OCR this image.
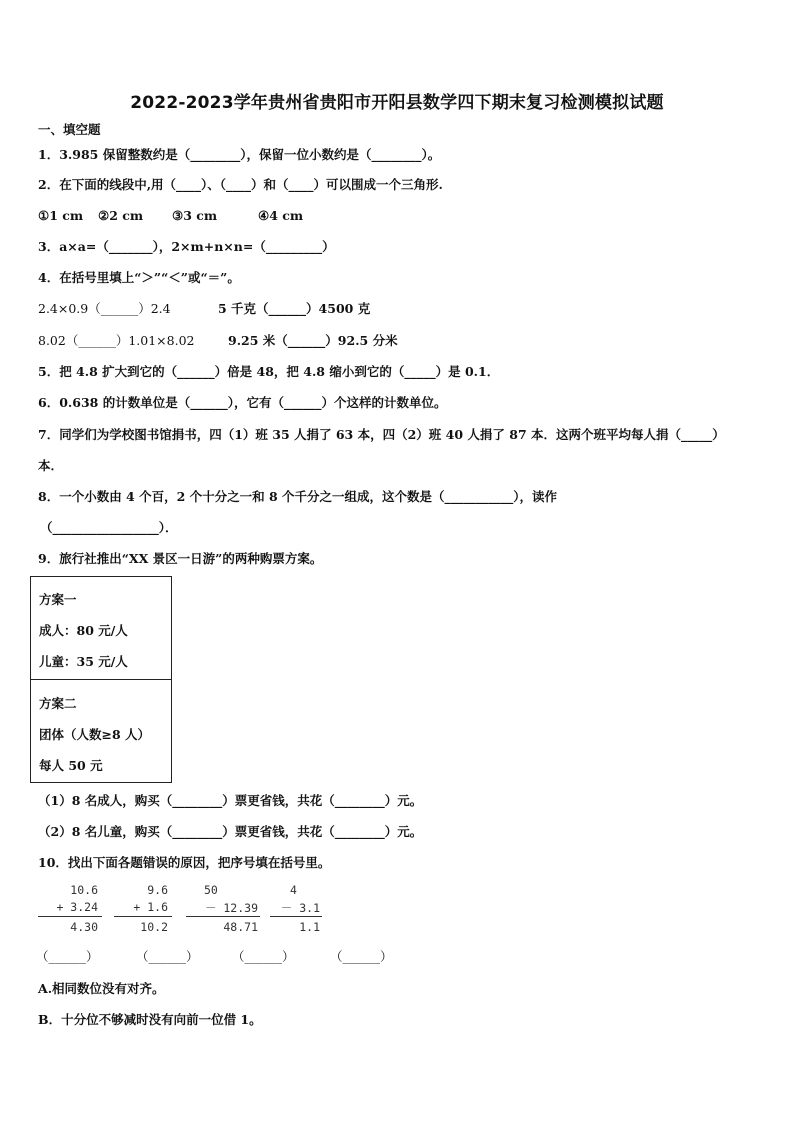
2022-2023学年贵州省贵阳市开阳县数学四下期末复习检测模拟试题
一、填空题
1．3.985 保留整数约是（________），保留一位小数约是（________）。
2．在下面的线段中,用（____）、（____）和（____）可以围成一个三角形.
①1 cm ②2 cm ③3 cm	④4 cm
3．a×a=（_______），2×m+n×n=（_________）
4．在括号里填上“＞”“＜”或“＝”。
2.4×0.9（______）2.4	5 千克（______）4500 克
8.02（______）1.01×8.02	9.25 米（______）92.5 分米
5．把 4.8 扩大到它的（______）倍是 48，把 4.8 缩小到它的（_____）是 0.1．
6．0.638 的计数单位是（______），它有（______）个这样的计数单位。
7．同学们为学校图书馆捐书，四（1）班 35 人捐了 63 本，四（2）班 40 人捐了 87 本．这两个班平均每人捐（_____）
本．
8．一个小数由 4 个百，2 个十分之一和 8 个千分之一组成，这个数是（___________），读作
（_________________）．
9．旅行社推出“XX 景区一日游”的两种购票方案。
方案一
成人：80 元/人
儿童：35 元/人
方案二
团体（人数≥8 人）
每人 50 元
（1）8 名成人，购买（________）票更省钱，共花（________）元。
（2）8 名儿童，购买（________）票更省钱，共花（________）元。
10．找出下面各题错误的原因，把序号填在括号里。
10.6
+ 3.24
4.30
9.6
+ 1.6
10.2
50
－ 12.39
48.71
4
－ 3.1
1.1
（______）	（______）	（______）	（______）
A.相同数位没有对齐。
B．十分位不够减时没有向前一位借 1。
